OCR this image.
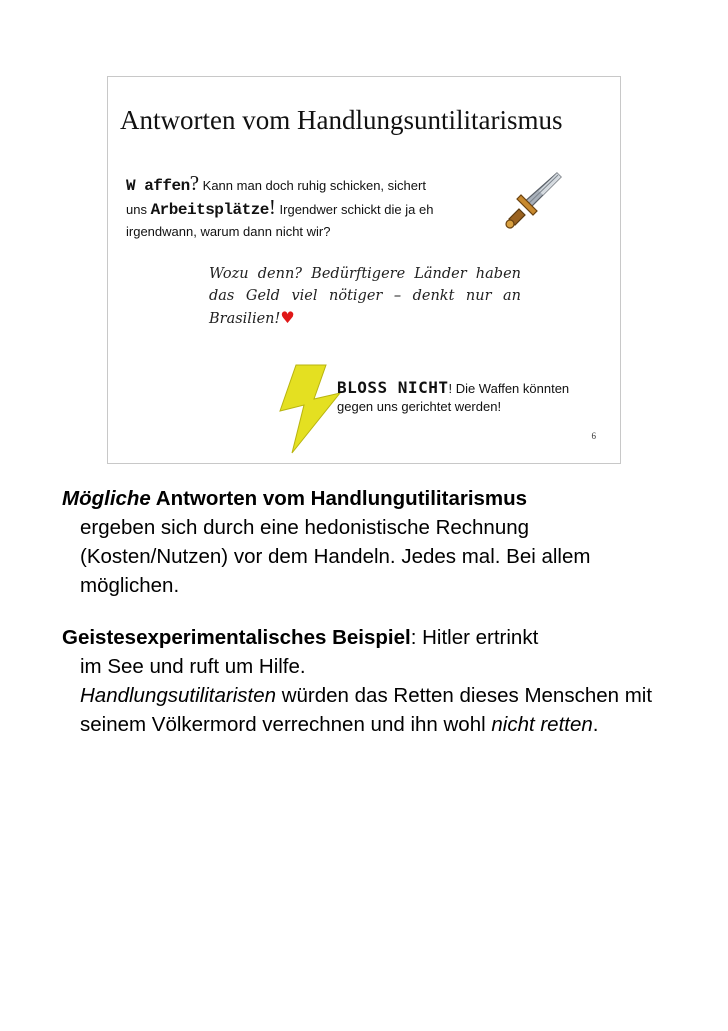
Antworten vom Handlungsuntilitarismus
W affen? Kann man doch ruhig schicken, sichert
uns Arbeitsplätze! Irgendwer schickt die ja eh
irgendwann, warum dann nicht wir?
Wozu denn? Bedürftigere Länder haben das Geld viel nötiger – denkt nur an Brasilien!♥
BLOSS NICHT! Die Waffen könnten gegen uns gerichtet werden!
6

Mögliche Antworten vom Handlungutilitarismus
ergeben sich durch eine hedonistische Rechnung (Kosten/Nutzen) vor dem Handeln. Jedes mal. Bei allem möglichen.

Geistesexperimentalisches Beispiel: Hitler ertrinkt
im See und ruft um Hilfe.
Handlungsutilitaristen würden das Retten dieses Menschen mit seinem Völkermord verrechnen und ihn wohl nicht retten.
